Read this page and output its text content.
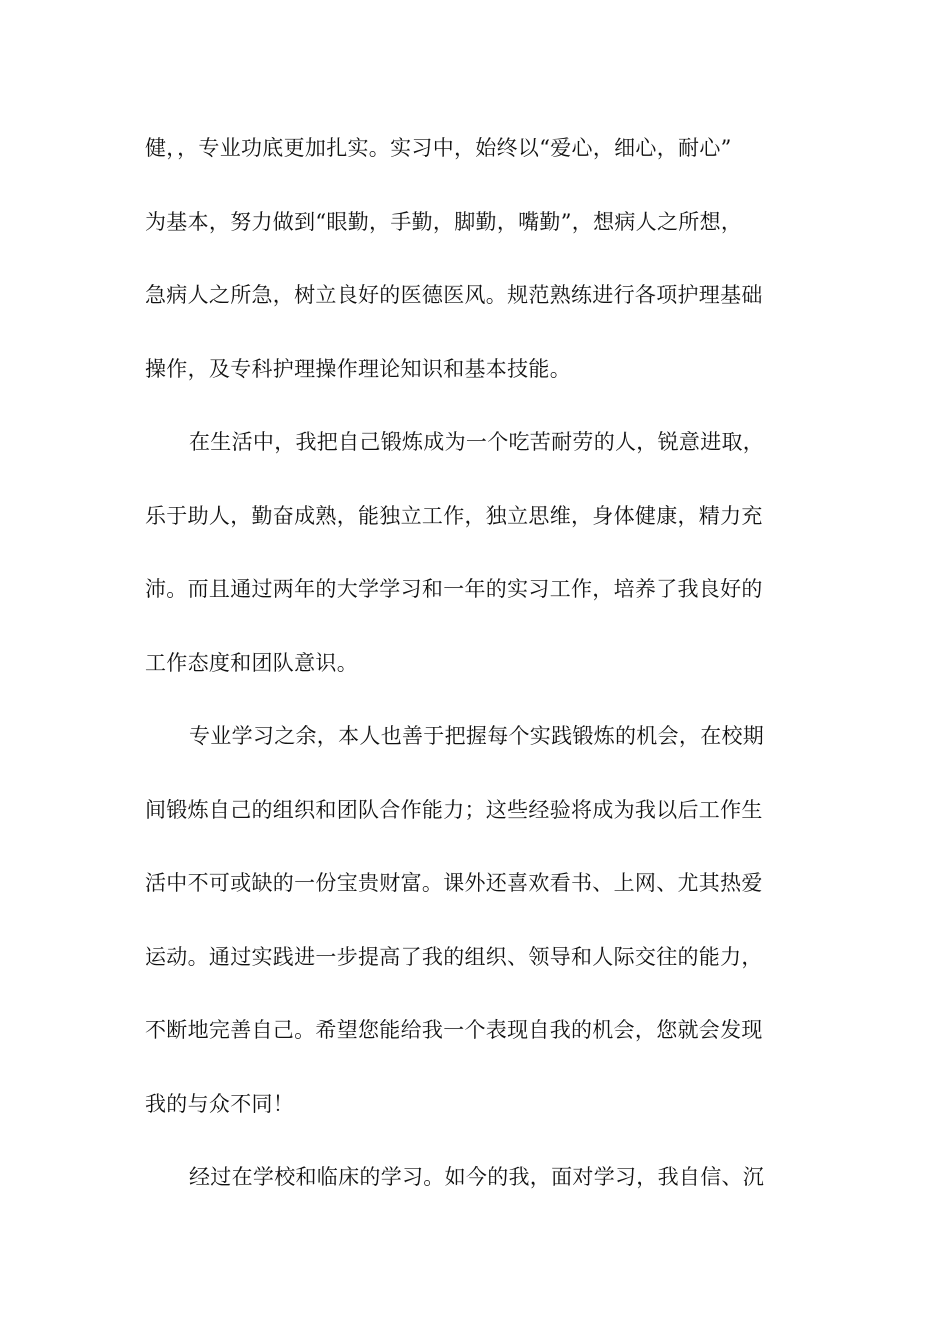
健，，专业功底更加扎实。实习中，始终以“爱心，细心，耐心”
为基本，努力做到“眼勤，手勤，脚勤，嘴勤”，想病人之所想，
急病人之所急，树立良好的医德医风。规范熟练进行各项护理基础
操作，及专科护理操作理论知识和基本技能。
在生活中，我把自己锻炼成为一个吃苦耐劳的人，锐意进取，
乐于助人，勤奋成熟，能独立工作，独立思维，身体健康，精力充
沛。而且通过两年的大学学习和一年的实习工作，培养了我良好的
工作态度和团队意识。
专业学习之余，本人也善于把握每个实践锻炼的机会，在校期
间锻炼自己的组织和团队合作能力；这些经验将成为我以后工作生
活中不可或缺的一份宝贵财富。课外还喜欢看书、上网、尤其热爱
运动。通过实践进一步提高了我的组织、领导和人际交往的能力，
不断地完善自己。希望您能给我一个表现自我的机会，您就会发现
我的与众不同！
经过在学校和临床的学习。如今的我，面对学习，我自信、沉
